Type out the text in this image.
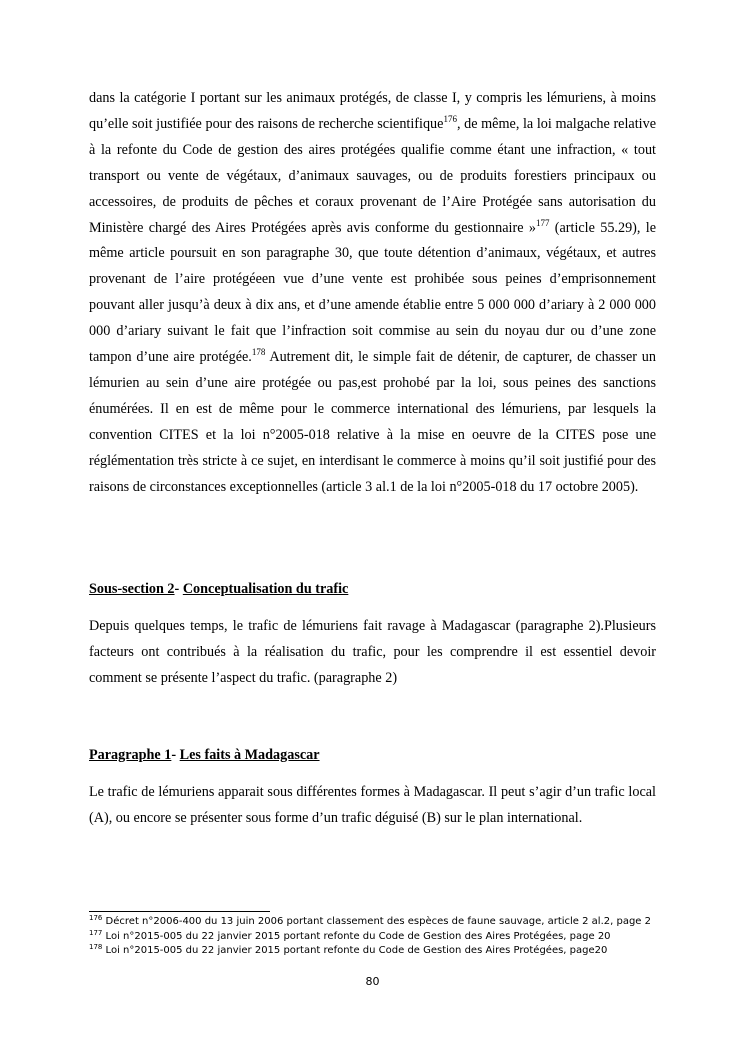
dans la catégorie I portant sur les animaux protégés, de classe I, y compris les lémuriens, à moins qu’elle soit justifiée pour des raisons de recherche scientifique$^{176}$, de même, la loi malgache relative à la refonte du Code de gestion des aires protégées qualifie comme étant une infraction, « tout transport ou vente de végétaux, d’animaux sauvages, ou de produits forestiers principaux ou accessoires, de produits de pêches et coraux provenant de l’Aire Protégée sans autorisation du Ministère chargé des Aires Protégées après avis conforme du gestionnaire »$^{177}$ (article 55.29), le même article poursuit en son paragraphe 30, que toute détention d’animaux, végétaux, et autres provenant de l’aire protégéeen vue d’une vente est prohibée sous peines d’emprisonnement pouvant aller jusqu’à deux à dix ans, et d’une amende établie entre 5 000 000 d’ariary à 2 000 000 000 d’ariary suivant le fait que l’infraction soit commise au sein du noyau dur ou d’une zone tampon d’une aire protégée.$^{178}$ Autrement dit, le simple fait de détenir, de capturer, de chasser un lémurien au sein d’une aire protégée ou pas,est prohobé par la loi, sous peines des sanctions énumérées. Il en est de même pour le commerce international des lémuriens, par lesquels la convention CITES et la loi n°2005-018 relative à la mise en oeuvre de la CITES pose une réglémentation très stricte à ce sujet, en interdisant le commerce à moins qu’il soit justifié pour des raisons de circonstances exceptionnelles (article 3 al.1 de la loi n°2005-018 du 17 octobre 2005).

Sous-section 2- Conceptualisation du trafic

Depuis quelques temps, le trafic de lémuriens fait ravage à Madagascar (paragraphe 2).Plusieurs facteurs ont contribués à la réalisation du trafic, pour les comprendre il est essentiel devoir comment se présente l’aspect du trafic. (paragraphe 2)

Paragraphe 1- Les faits à Madagascar

Le trafic de lémuriens apparait sous différentes formes à Madagascar. Il peut s’agir d’un trafic local (A), ou encore se présenter sous forme d’un trafic déguisé (B) sur le plan international.

$^{176}$ Décret n°2006-400 du 13 juin 2006 portant classement des espèces de faune sauvage, article 2 al.2, page 2
$^{177}$ Loi n°2015-005 du 22 janvier 2015 portant refonte du Code de Gestion des Aires Protégées, page 20
$^{178}$ Loi n°2015-005 du 22 janvier 2015 portant refonte du Code de Gestion des Aires Protégées, page20
80
